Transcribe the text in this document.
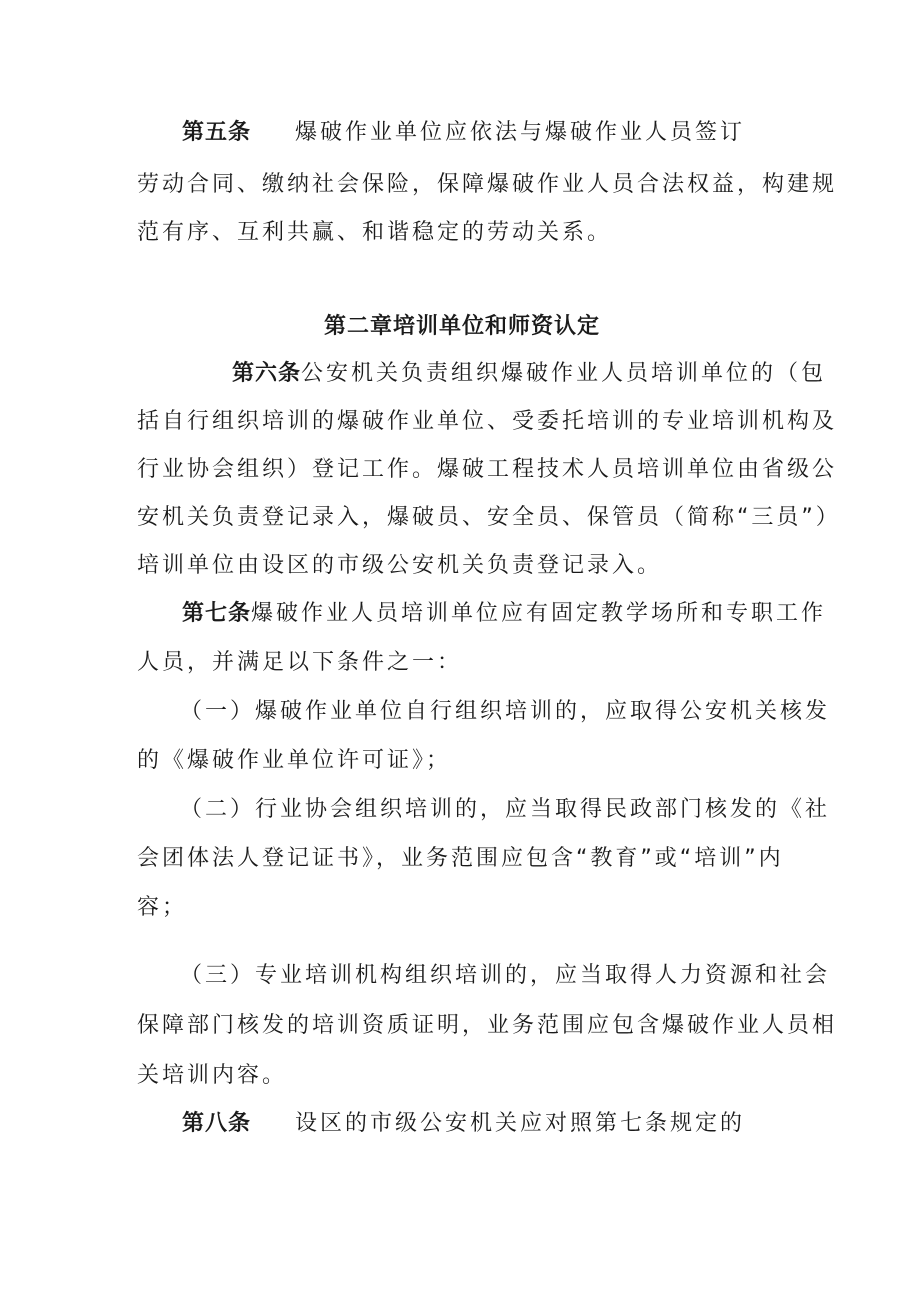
第五条 爆破作业单位应依法与爆破作业人员签订
劳动合同、缴纳社会保险，保障爆破作业人员合法权益，构建规
范有序、互利共赢、和谐稳定的劳动关系。
第二章培训单位和师资认定
第六条公安机关负责组织爆破作业人员培训单位的（包
括自行组织培训的爆破作业单位、受委托培训的专业培训机构及
行业协会组织）登记工作。爆破工程技术人员培训单位由省级公
安机关负责登记录入，爆破员、安全员、保管员（简称“三员”）
培训单位由设区的市级公安机关负责登记录入。
第七条爆破作业人员培训单位应有固定教学场所和专职工作
人员，并满足以下条件之一：
（一）爆破作业单位自行组织培训的，应取得公安机关核发
的《爆破作业单位许可证》；
（二）行业协会组织培训的，应当取得民政部门核发的《社
会团体法人登记证书》，业务范围应包含“教育”或“培训”内
容；
（三）专业培训机构组织培训的，应当取得人力资源和社会
保障部门核发的培训资质证明，业务范围应包含爆破作业人员相
关培训内容。
第八条 设区的市级公安机关应对照第七条规定的
